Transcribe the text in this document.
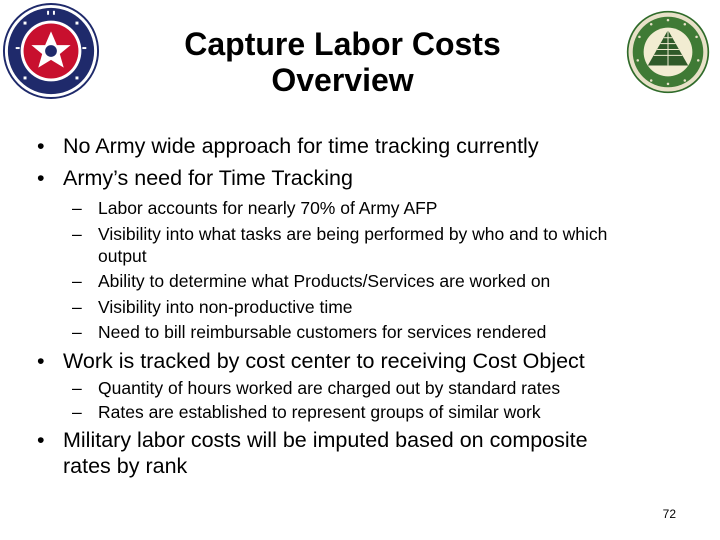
Capture Labor Costs
Overview
• No Army wide approach for time tracking currently
• Army’s need for Time Tracking
– Labor accounts for nearly 70% of Army AFP
– Visibility into what tasks are being performed by who and to which
output
– Ability to determine what Products/Services are worked on
– Visibility into non-productive time
– Need to bill reimbursable customers for services rendered
• Work is tracked by cost center to receiving Cost Object
– Quantity of hours worked are charged out by standard rates
– Rates are established to represent groups of similar work
• Military labor costs will be imputed based on composite
rates by rank
72
